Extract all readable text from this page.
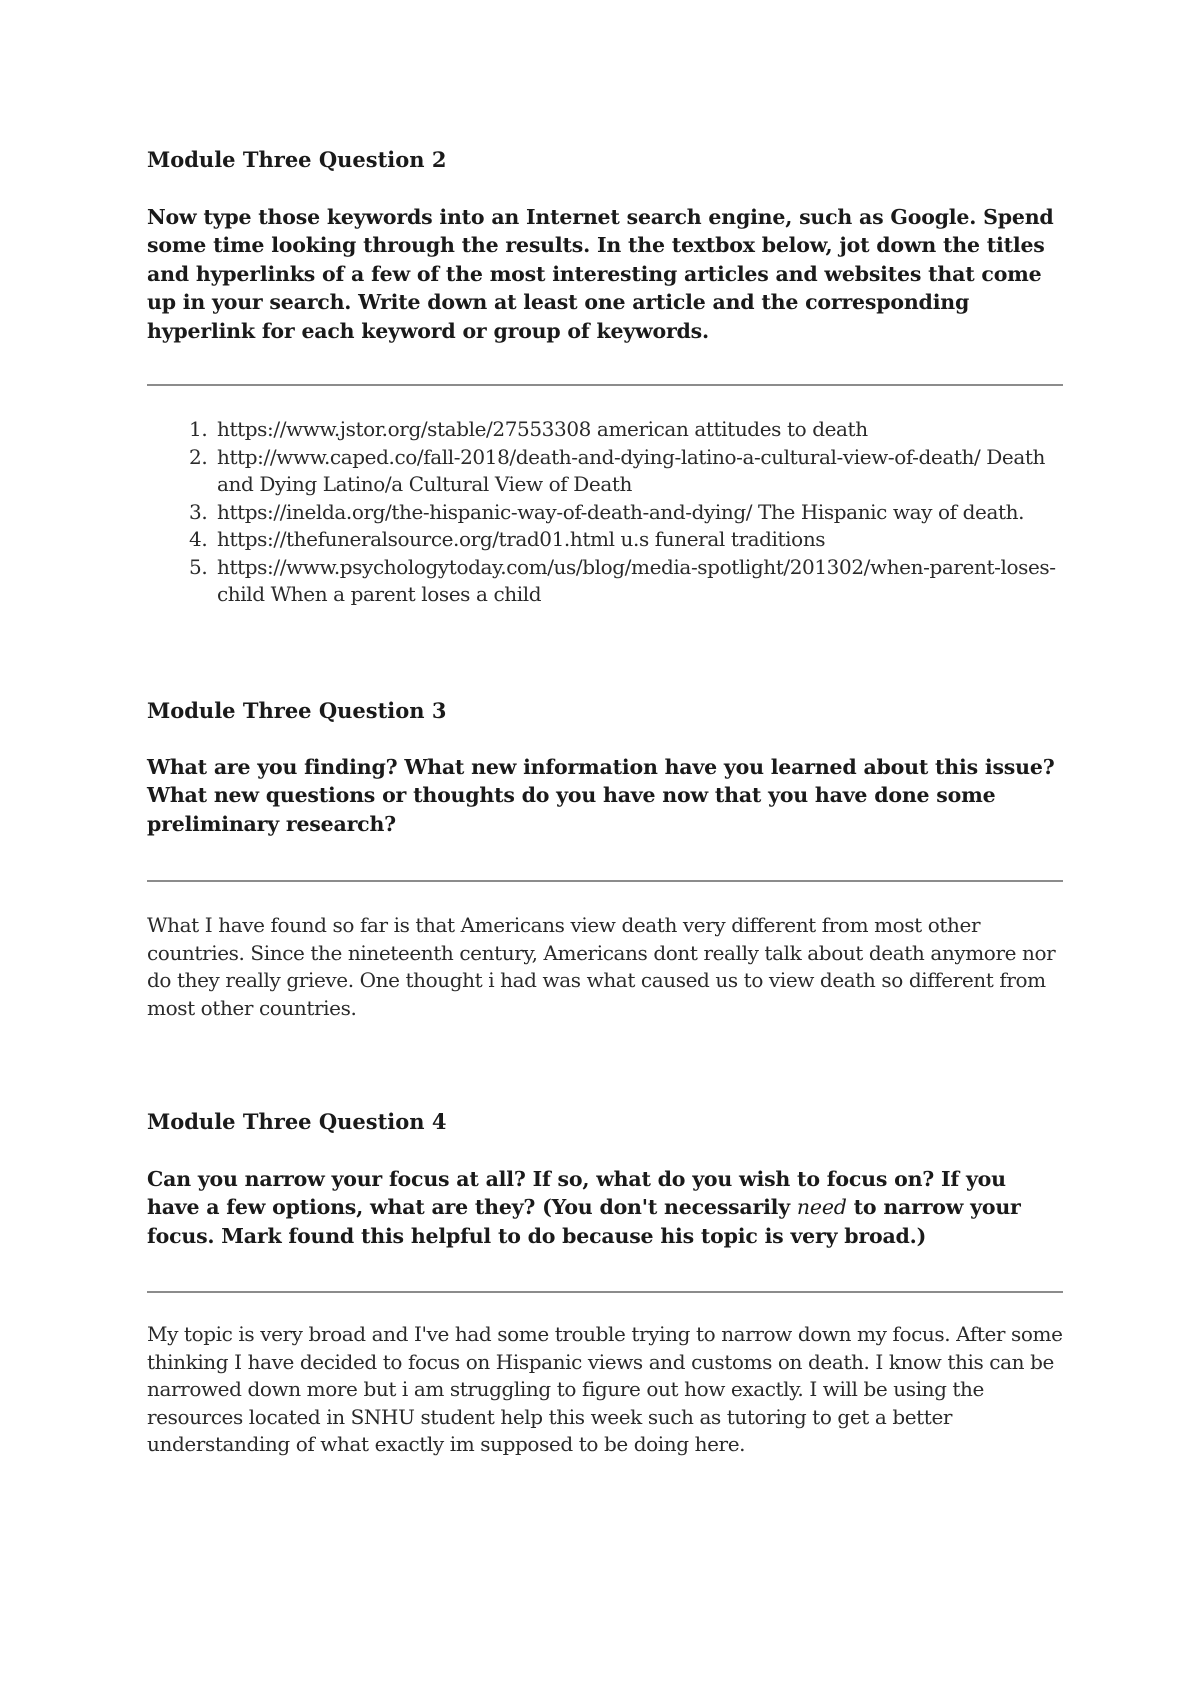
Module Three Question 2

Now type those keywords into an Internet search engine, such as Google. Spend some time looking through the results. In the textbox below, jot down the titles and hyperlinks of a few of the most interesting articles and websites that come up in your search. Write down at least one article and the corresponding hyperlink for each keyword or group of keywords.

1. https://www.jstor.org/stable/27553308 american attitudes to death
2. http://www.caped.co/fall-2018/death-and-dying-latino-a-cultural-view-of-death/ Death and Dying Latino/a Cultural View of Death
3. https://inelda.org/the-hispanic-way-of-death-and-dying/ The Hispanic way of death.
4. https://thefuneralsource.org/trad01.html u.s funeral traditions
5. https://www.psychologytoday.com/us/blog/media-spotlight/201302/when-parent-loses-child When a parent loses a child
Module Three Question 3

What are you finding? What new information have you learned about this issue? What new questions or thoughts do you have now that you have done some preliminary research?

What I have found so far is that Americans view death very different from most other countries. Since the nineteenth century, Americans dont really talk about death anymore nor do they really grieve. One thought i had was what caused us to view death so different from most other countries.

Module Three Question 4

Can you narrow your focus at all? If so, what do you wish to focus on? If you have a few options, what are they? (You don't necessarily need to narrow your focus. Mark found this helpful to do because his topic is very broad.)

My topic is very broad and I've had some trouble trying to narrow down my focus. After some thinking I have decided to focus on Hispanic views and customs on death. I know this can be narrowed down more but i am struggling to figure out how exactly. I will be using the resources located in SNHU student help this week such as tutoring to get a better understanding of what exactly im supposed to be doing here.
